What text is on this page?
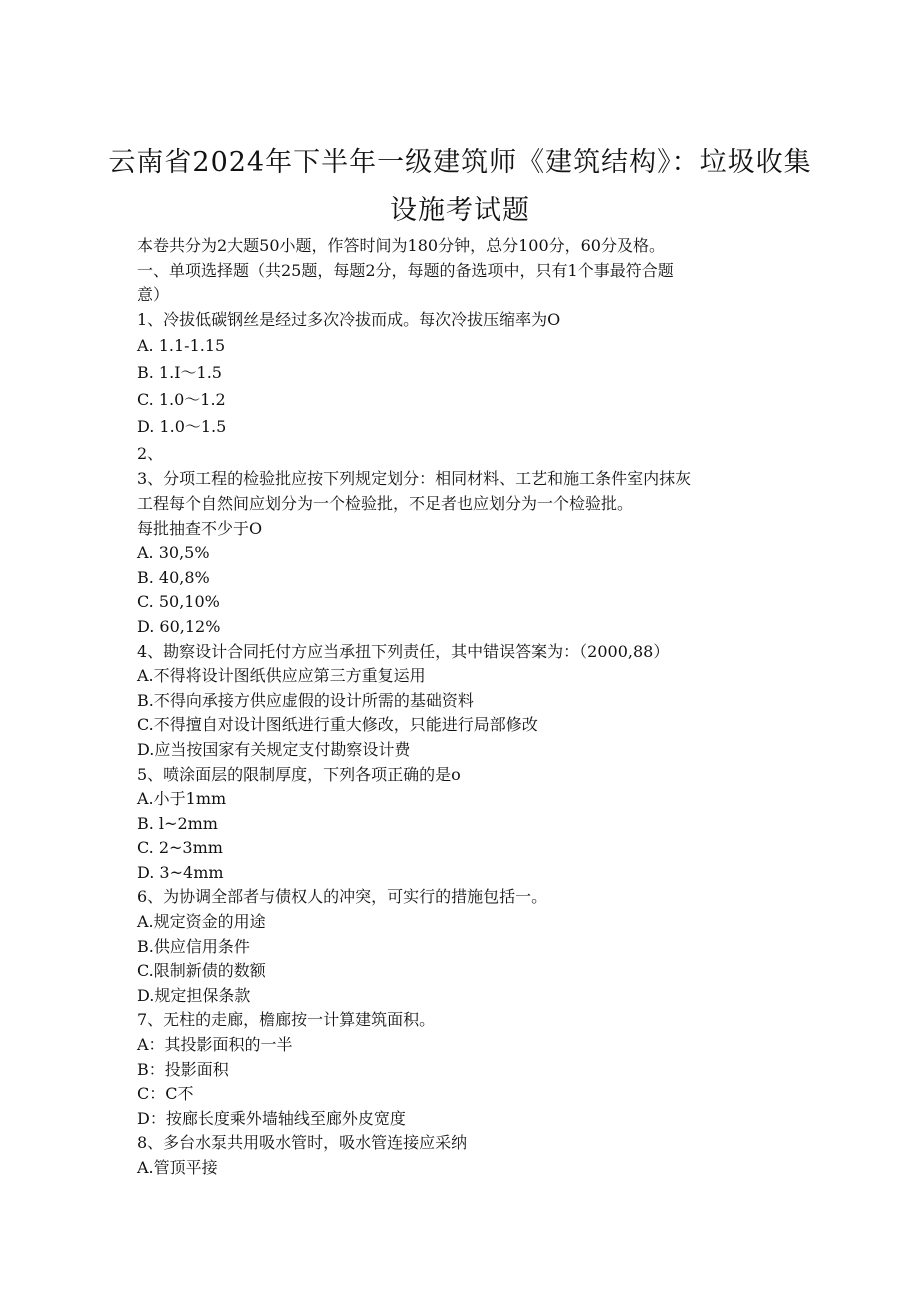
云南省2024年下半年一级建筑师《建筑结构》：垃圾收集
设施考试题
本卷共分为2大题50小题，作答时间为180分钟，总分100分，60分及格。
一、单项选择题（共25题，每题2分，每题的备选项中，只有1个事最符合题
意）
1、冷拔低碳钢丝是经过多次冷拔而成。每次冷拔压缩率为O
A. 1.1-1.15
B. 1.I～1.5
C. 1.0～1.2
D. 1.0～1.5
2、
3、分项工程的检验批应按下列规定划分：相同材料、工艺和施工条件室内抹灰
工程每个自然间应划分为一个检验批，不足者也应划分为一个检验批。
每批抽查不少于O
A. 30,5%
B. 40,8%
C. 50,10%
D. 60,12%
4、勘察设计合同托付方应当承扭下列责任，其中错误答案为：（2000,88）
A.不得将设计图纸供应应第三方重复运用
B.不得向承接方供应虚假的设计所需的基础资料
C.不得擅自对设计图纸进行重大修改，只能进行局部修改
D.应当按国家有关规定支付勘察设计费
5、喷涂面层的限制厚度，下列各项正确的是o
A.小于1mm
B. l~2mm
C. 2~3mm
D. 3~4mm
6、为协调全部者与债权人的冲突，可实行的措施包括一。
A.规定资金的用途
B.供应信用条件
C.限制新债的数额
D.规定担保条款
7、无柱的走廊，檐廊按一计算建筑面积。
A：其投影面积的一半
B：投影面积
C：C不
D：按廊长度乘外墙轴线至廊外皮宽度
8、多台水泵共用吸水管时，吸水管连接应采纳
A.管顶平接
